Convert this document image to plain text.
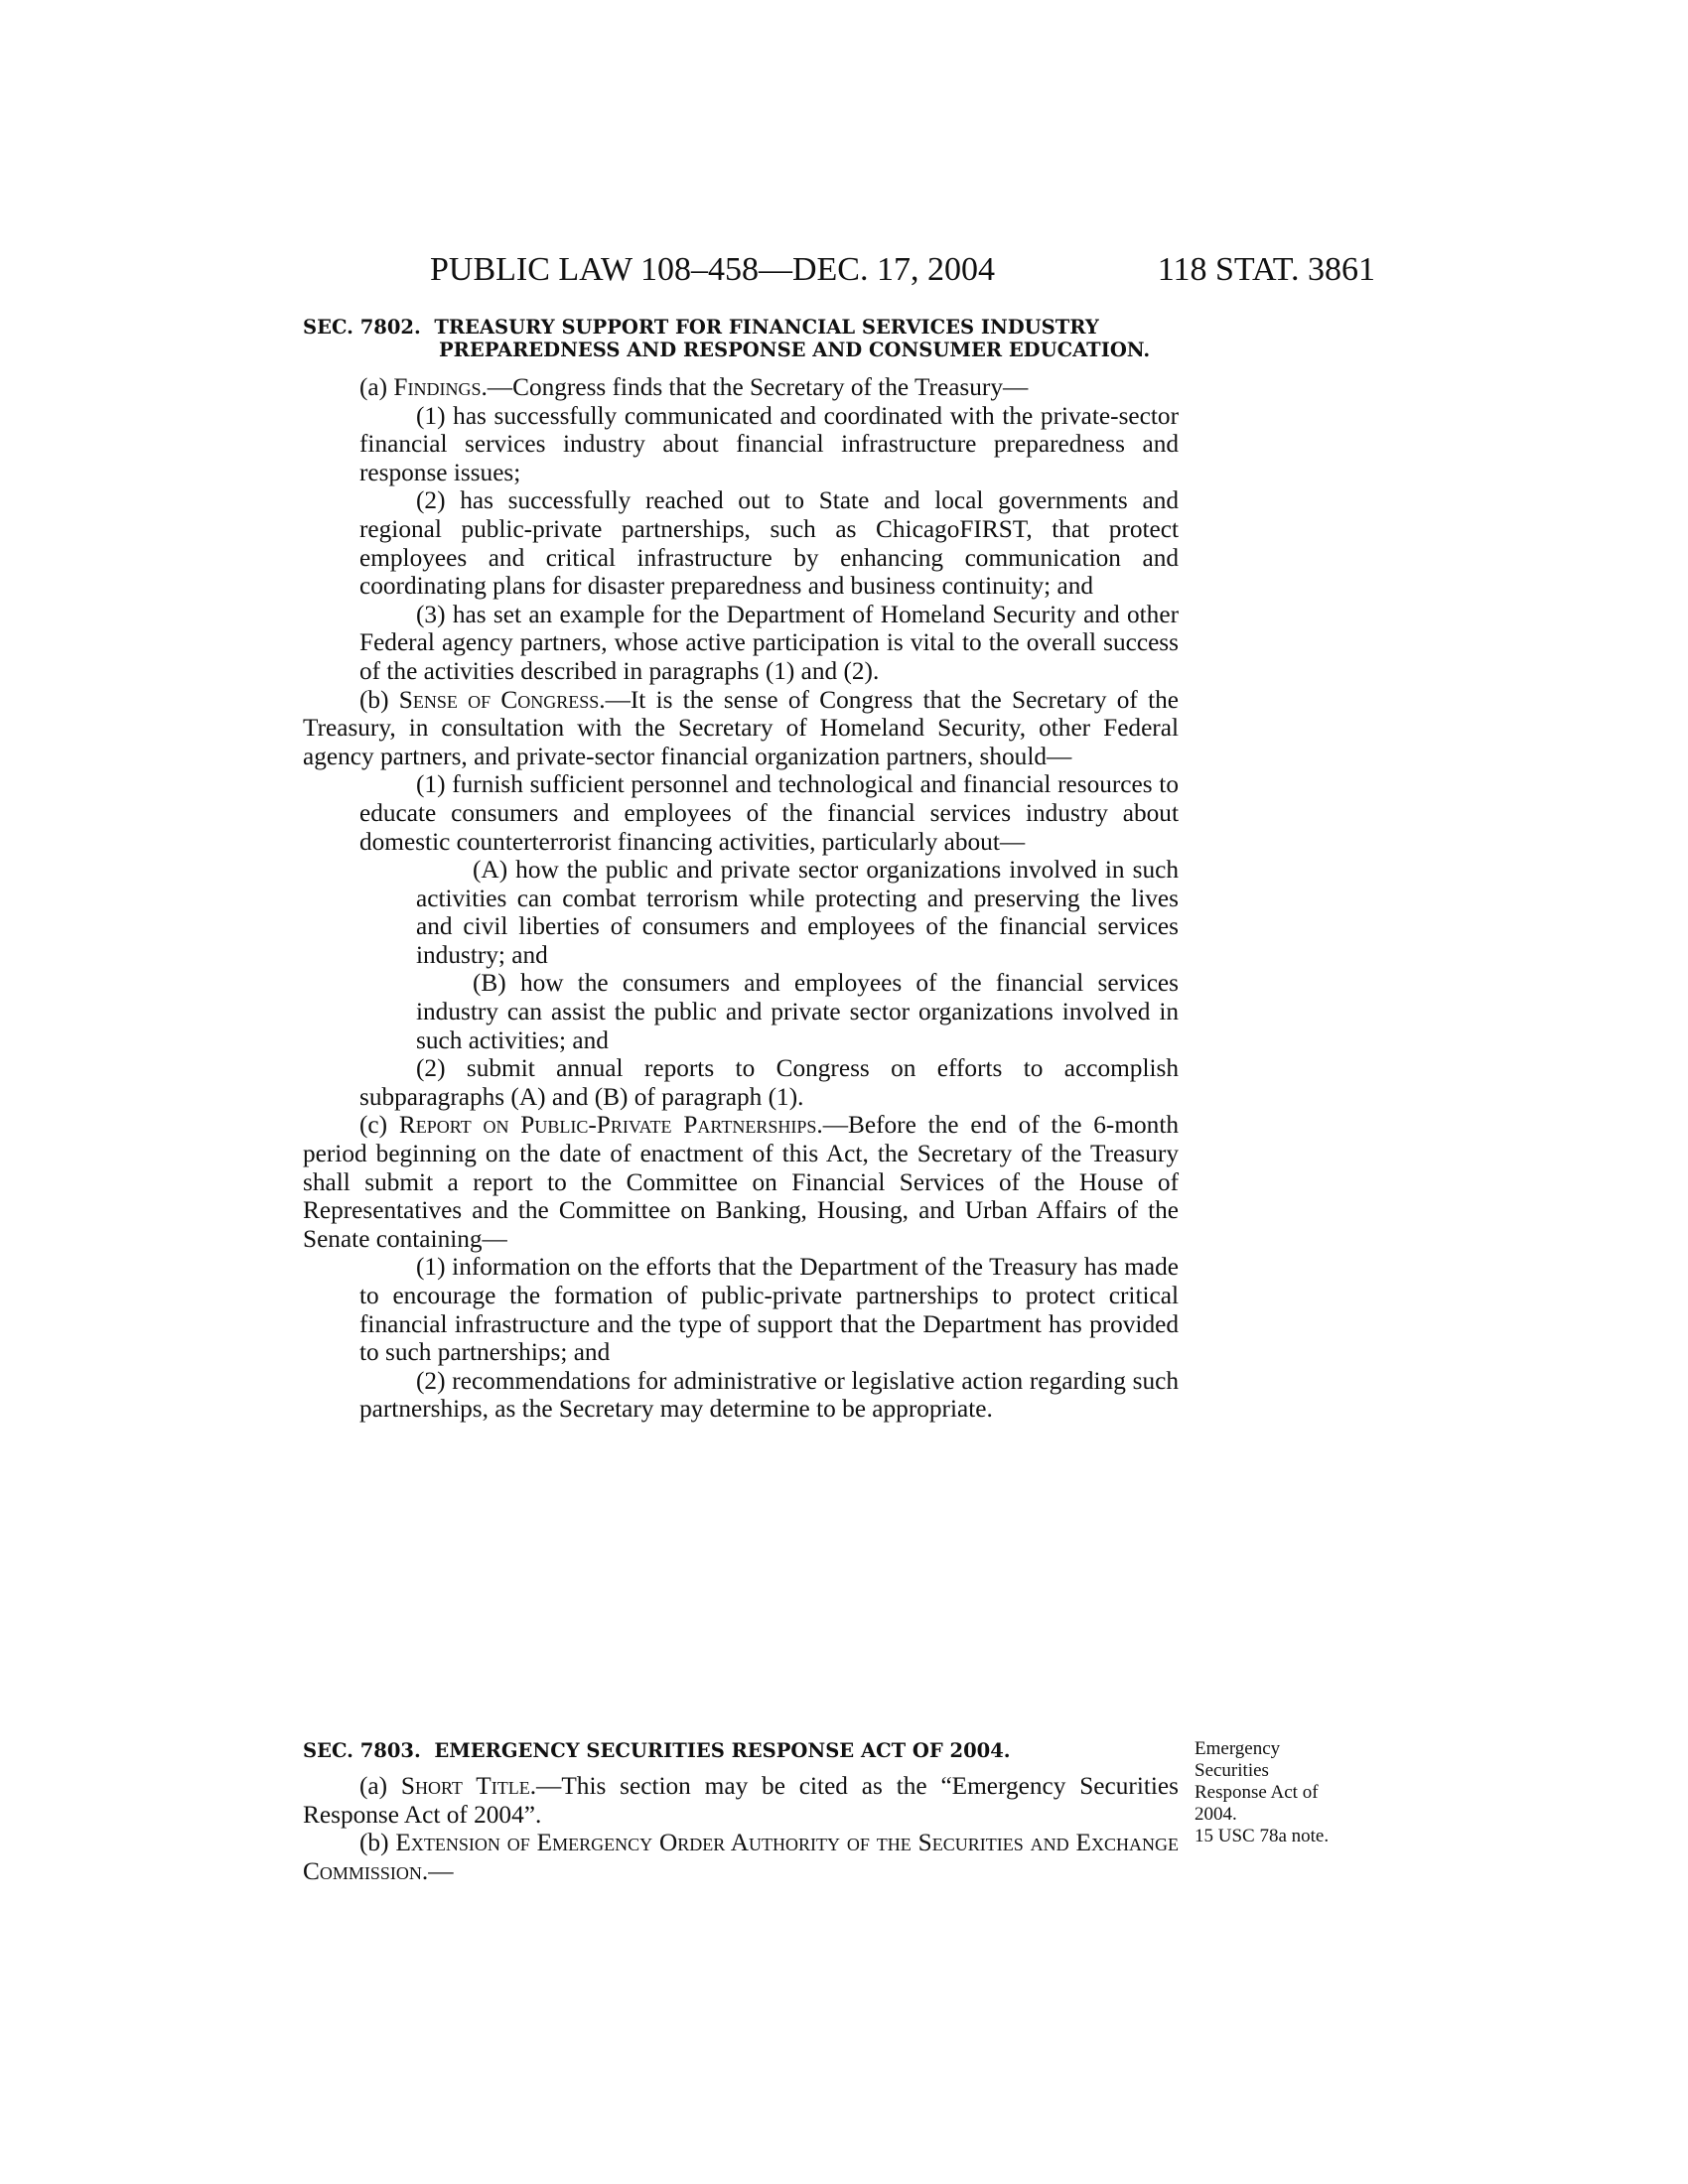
PUBLIC LAW 108–458—DEC. 17, 2004	118 STAT. 3861

SEC. 7802. TREASURY SUPPORT FOR FINANCIAL SERVICES INDUSTRY PREPAREDNESS AND RESPONSE AND CONSUMER EDUCATION.

(a) Findings.—Congress finds that the Secretary of the Treasury—

(1) has successfully communicated and coordinated with the private-sector financial services industry about financial infrastructure preparedness and response issues;

(2) has successfully reached out to State and local governments and regional public-private partnerships, such as ChicagoFIRST, that protect employees and critical infrastructure by enhancing communication and coordinating plans for disaster preparedness and business continuity; and

(3) has set an example for the Department of Homeland Security and other Federal agency partners, whose active participation is vital to the overall success of the activities described in paragraphs (1) and (2).

(b) Sense of Congress.—It is the sense of Congress that the Secretary of the Treasury, in consultation with the Secretary of Homeland Security, other Federal agency partners, and private-sector financial organization partners, should—

(1) furnish sufficient personnel and technological and financial resources to educate consumers and employees of the financial services industry about domestic counterterrorist financing activities, particularly about—

(A) how the public and private sector organizations involved in such activities can combat terrorism while protecting and preserving the lives and civil liberties of consumers and employees of the financial services industry; and

(B) how the consumers and employees of the financial services industry can assist the public and private sector organizations involved in such activities; and

(2) submit annual reports to Congress on efforts to accomplish subparagraphs (A) and (B) of paragraph (1).

(c) Report on Public-Private Partnerships.—Before the end of the 6-month period beginning on the date of enactment of this Act, the Secretary of the Treasury shall submit a report to the Committee on Financial Services of the House of Representatives and the Committee on Banking, Housing, and Urban Affairs of the Senate containing—

(1) information on the efforts that the Department of the Treasury has made to encourage the formation of public-private partnerships to protect critical financial infrastructure and the type of support that the Department has provided to such partnerships; and

(2) recommendations for administrative or legislative action regarding such partnerships, as the Secretary may determine to be appropriate.

SEC. 7803. EMERGENCY SECURITIES RESPONSE ACT OF 2004.

(a) Short Title.—This section may be cited as the “Emergency Securities Response Act of 2004”.

(b) Extension of Emergency Order Authority of the Securities and Exchange Commission.—

Emergency
Securities
Response Act of
2004.
15 USC 78a note.
